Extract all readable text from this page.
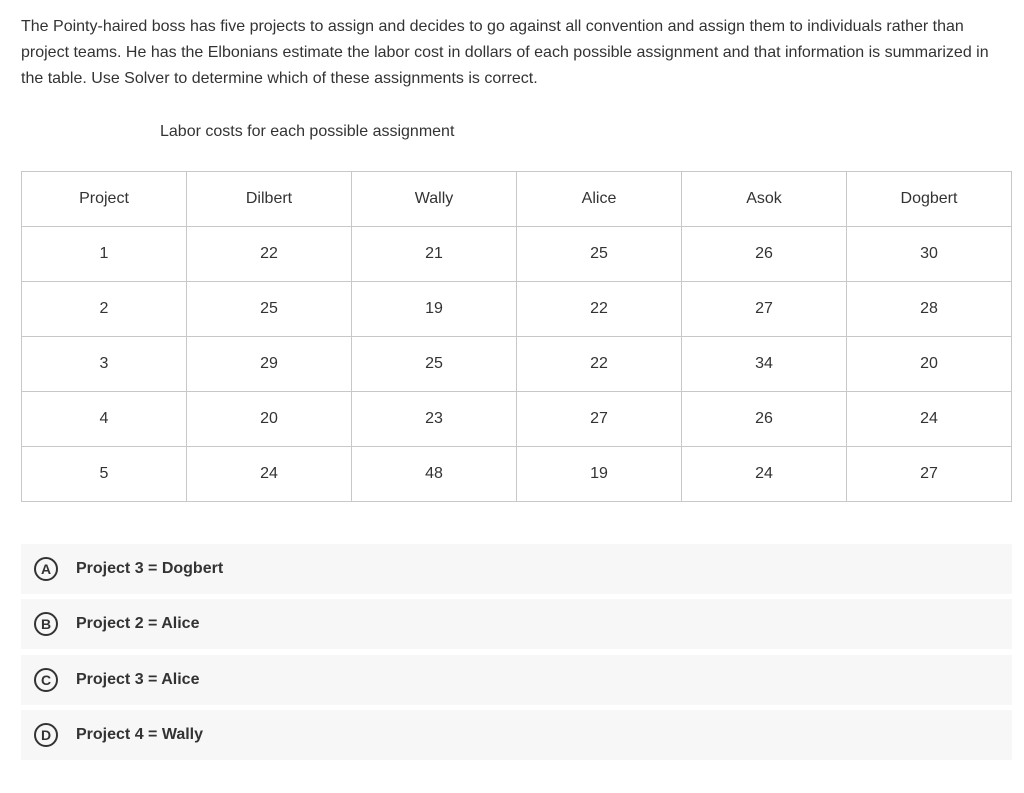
The Pointy-haired boss has five projects to assign and decides to go against all convention and assign them to individuals rather than project teams. He has the Elbonians estimate the labor cost in dollars of each possible assignment and that information is summarized in the table. Use Solver to determine which of these assignments is correct.
Labor costs for each possible assignment
Project	Dilbert	Wally	Alice	Asok	Dogbert
1	22	21	25	26	30
2	25	19	22	27	28
3	29	25	22	34	20
4	20	23	27	26	24
5	24	48	19	24	27
A	Project 3 = Dogbert
B	Project 2 = Alice
C	Project 3 = Alice
D	Project 4 = Wally
